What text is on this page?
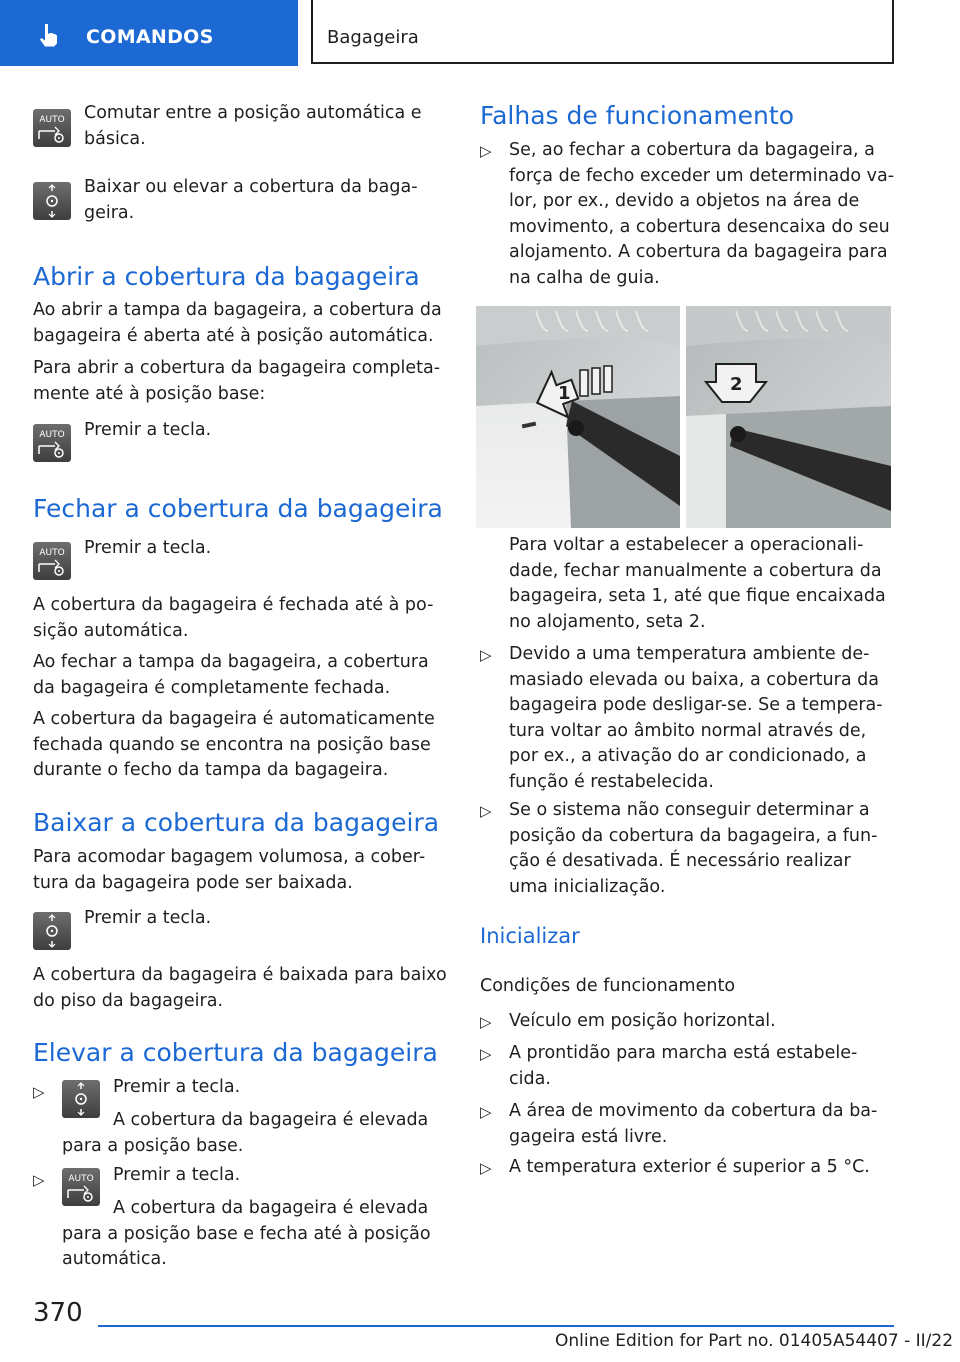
COMANDOS	Bagageira
AUTO Comutar entre a posição automática e básica.

Baixar ou elevar a cobertura da baga-geira.

Abrir a cobertura da bagageira

Ao abrir a tampa da bagageira, a cobertura da bagageira é aberta até à posição automática.

Para abrir a cobertura da bagageira completa-mente até à posição base:

AUTO Premir a tecla.

Fechar a cobertura da bagageira
AUTO Premir a tecla.

A cobertura da bagageira é fechada até à po-sição automática.

Ao fechar a tampa da bagageira, a cobertura da bagageira é completamente fechada.

A cobertura da bagageira é automaticamente fechada quando se encontra na posição base durante o fecho da tampa da bagageira.

Baixar a cobertura da bagageira

Para acomodar bagagem volumosa, a cober-tura da bagageira pode ser baixada.

Premir a tecla.

A cobertura da bagageira é baixada para baixo do piso da bagageira.

Elevar a cobertura da bagageira
▷	Premir a tecla.

A cobertura da bagageira é elevada para a posição base.

▷	AUTO Premir a tecla.

A cobertura da bagageira é elevada para a posição base e fecha até à posição automática.

Falhas de funcionamento
▷ Se, ao fechar a cobertura da bagageira, a força de fecho exceder um determinado va-lor, por ex., devido a objetos na área de movimento, a cobertura desencaixa do seu alojamento. A cobertura da bagageira para na calha de guia.

1	2

Para voltar a estabelecer a operacionali-dade, fechar manualmente a cobertura da bagageira, seta 1, até que fique encaixada no alojamento, seta 2.

▷ Devido a uma temperatura ambiente de-masiado elevada ou baixa, a cobertura da bagageira pode desligar-se. Se a tempera-tura voltar ao âmbito normal através de, por ex., a ativação do ar condicionado, a função é restabelecida.

▷ Se o sistema não conseguir determinar a posição da cobertura da bagageira, a fun-ção é desativada. É necessário realizar uma inicialização.

Inicializar
Condições de funcionamento
▷ Veículo em posição horizontal.

▷ A prontidão para marcha está estabele-cida.

▷ A área de movimento da cobertura da ba-gageira está livre.

▷ A temperatura exterior é superior a 5 °C.

370
Online Edition for Part no. 01405A54407 - II/22
